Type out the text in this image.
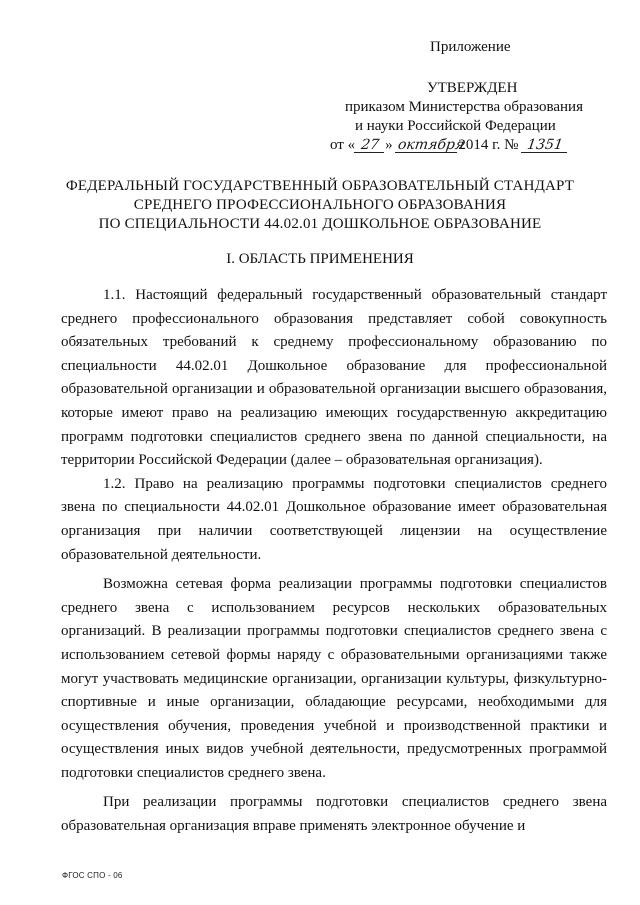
Приложение
УТВЕРЖДЕН
приказом Министерства образования
и науки Российской Федерации
от « 27 » октября2014 г. № 1351
ФЕДЕРАЛЬНЫЙ ГОСУДАРСТВЕННЫЙ ОБРАЗОВАТЕЛЬНЫЙ СТАНДАРТ
СРЕДНЕГО ПРОФЕССИОНАЛЬНОГО ОБРАЗОВАНИЯ
ПО СПЕЦИАЛЬНОСТИ 44.02.01 ДОШКОЛЬНОЕ ОБРАЗОВАНИЕ
I. ОБЛАСТЬ ПРИМЕНЕНИЯ

1.1. Настоящий федеральный государственный образовательный стандарт среднего профессионального образования представляет собой совокупность обязательных требований к среднему профессиональному образованию по специальности 44.02.01 Дошкольное образование для профессиональной образовательной организации и образовательной организации высшего образования, которые имеют право на реализацию имеющих государственную аккредитацию программ подготовки специалистов среднего звена по данной специальности, на территории Российской Федерации (далее – образовательная организация).

1.2. Право на реализацию программы подготовки специалистов среднего звена по специальности 44.02.01 Дошкольное образование имеет образовательная организация при наличии соответствующей лицензии на осуществление образовательной деятельности.

Возможна сетевая форма реализации программы подготовки специалистов среднего звена с использованием ресурсов нескольких образовательных организаций. В реализации программы подготовки специалистов среднего звена с использованием сетевой формы наряду с образовательными организациями также могут участвовать медицинские организации, организации культуры, физкультурно-спортивные и иные организации, обладающие ресурсами, необходимыми для осуществления обучения, проведения учебной и производственной практики и осуществления иных видов учебной деятельности, предусмотренных программой подготовки специалистов среднего звена.

При реализации программы подготовки специалистов среднего звена образовательная организация вправе применять электронное обучение и

ФГОС СПО - 06
